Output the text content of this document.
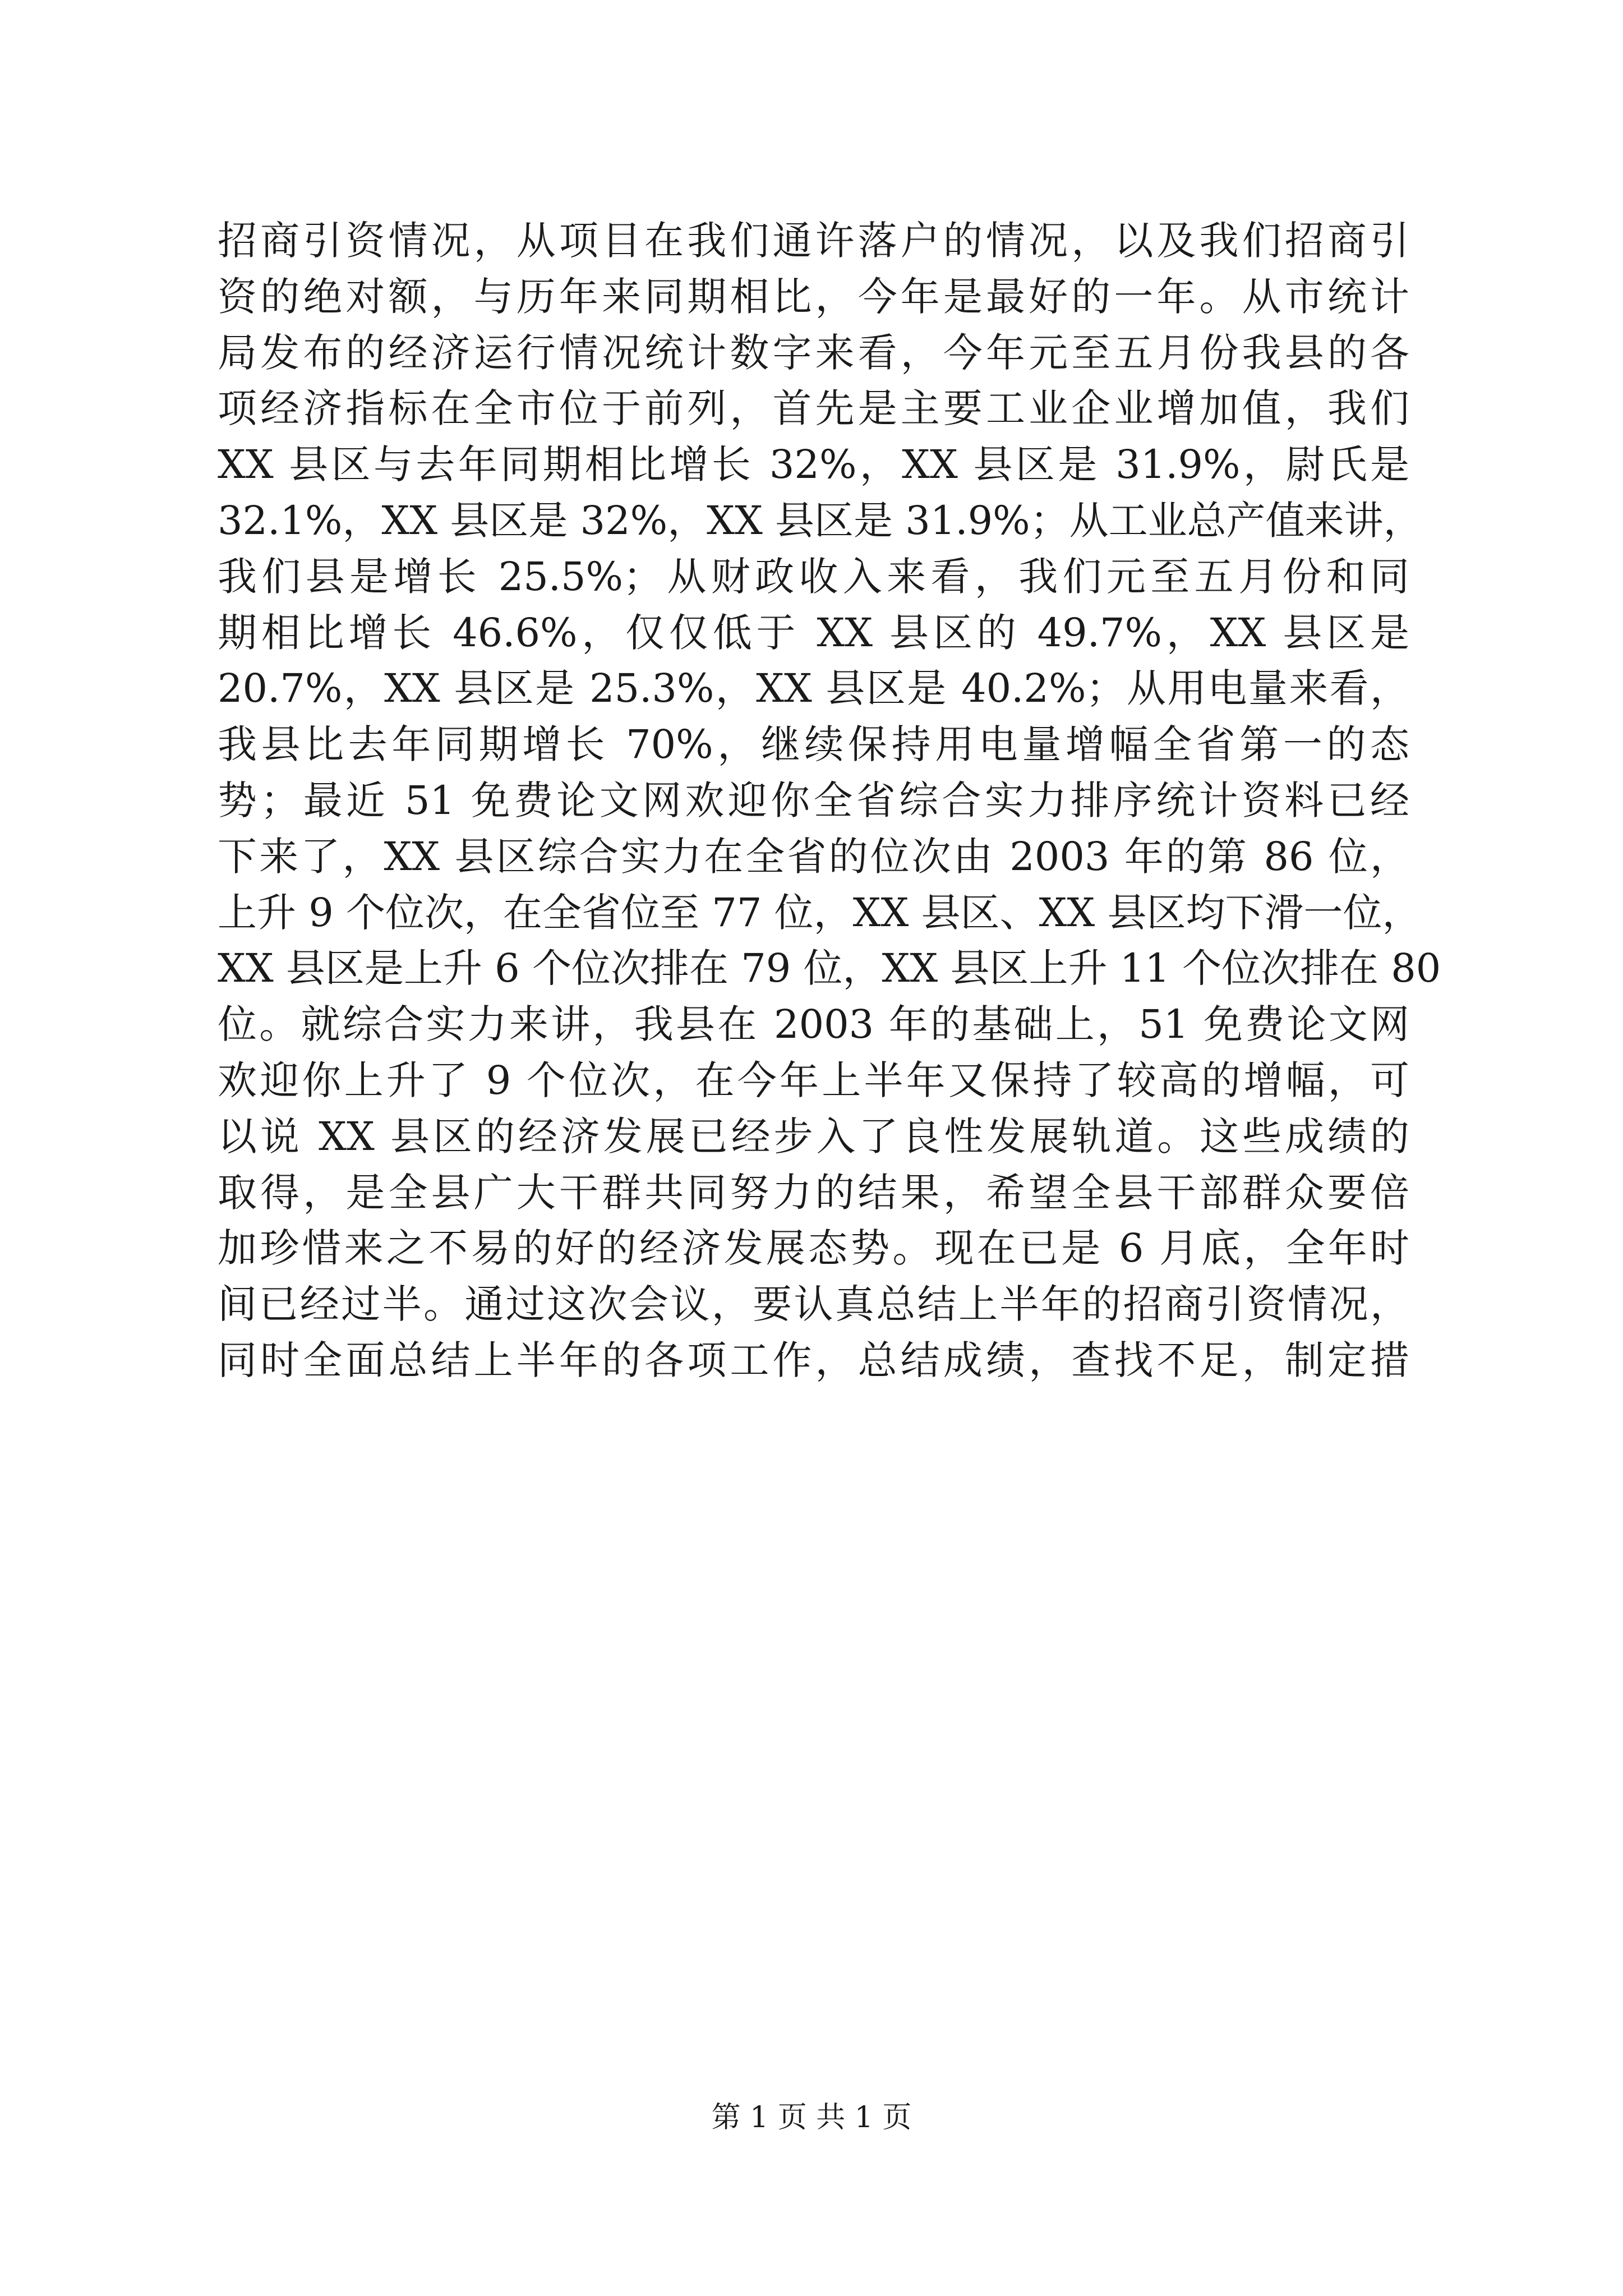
招商引资情况，从项目在我们通许落户的情况，以及我们招商引
资的绝对额，与历年来同期相比，今年是最好的一年。从市统计
局发布的经济运行情况统计数字来看，今年元至五月份我县的各
项经济指标在全市位于前列，首先是主要工业企业增加值，我们
XX 县区与去年同期相比增长 32%，XX 县区是 31.9%，尉氏是
32.1%，XX 县区是 32%，XX 县区是 31.9%；从工业总产值来讲，
我们县是增长 25.5%；从财政收入来看，我们元至五月份和同
期相比增长 46.6%，仅仅低于 XX 县区的 49.7%，XX 县区是
20.7%，XX 县区是 25.3%，XX 县区是 40.2%；从用电量来看，
我县比去年同期增长 70%，继续保持用电量增幅全省第一的态
势；最近 51 免费论文网欢迎你全省综合实力排序统计资料已经
下来了，XX 县区综合实力在全省的位次由 2003 年的第 86 位，
上升 9 个位次，在全省位至 77 位，XX 县区、XX 县区均下滑一位，
XX 县区是上升 6 个位次排在 79 位，XX 县区上升 11 个位次排在 80
位。就综合实力来讲，我县在 2003 年的基础上，51 免费论文网
欢迎你上升了 9 个位次，在今年上半年又保持了较高的增幅，可
以说 XX 县区的经济发展已经步入了良性发展轨道。这些成绩的
取得，是全县广大干群共同努力的结果，希望全县干部群众要倍
加珍惜来之不易的好的经济发展态势。现在已是 6 月底，全年时
间已经过半。通过这次会议，要认真总结上半年的招商引资情况，
同时全面总结上半年的各项工作，总结成绩，查找不足，制定措
第 1 页 共 1 页
